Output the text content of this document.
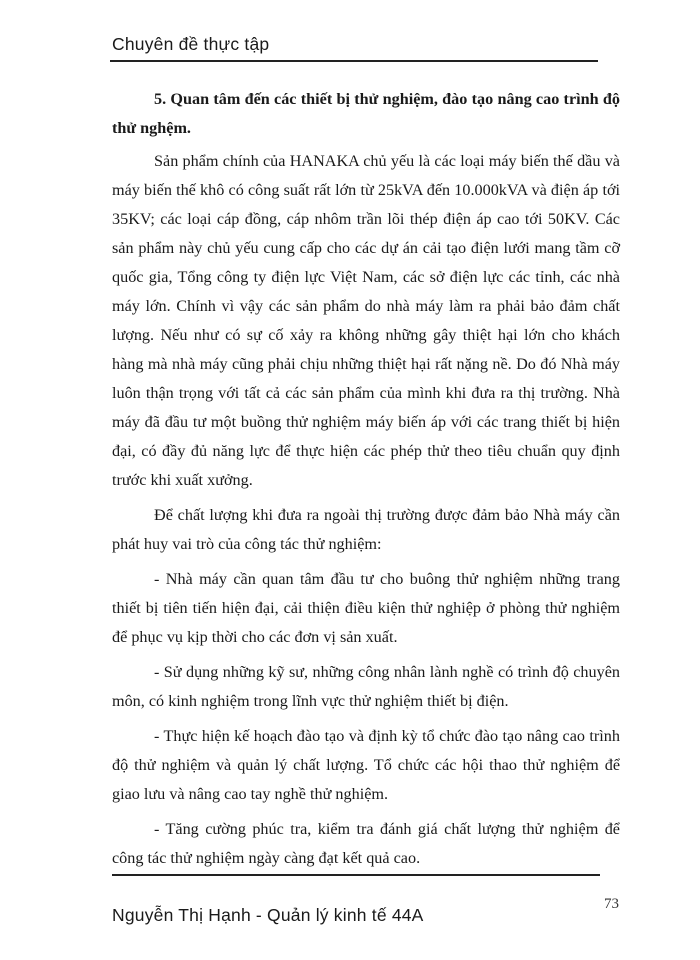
Chuyên đề thực tập

5. Quan tâm đến các thiết bị thử nghiệm, đào tạo nâng cao trình độ thử nghệm.

Sản phẩm chính của HANAKA chủ yếu là các loại máy biến thế dầu và máy biến thế khô có công suất rất lớn từ 25kVA đến 10.000kVA và điện áp tới 35KV; các loại cáp đồng, cáp nhôm trần lõi thép điện áp cao tới 50KV. Các sản phẩm này chủ yếu cung cấp cho các dự án cải tạo điện lưới mang tầm cỡ quốc gia, Tổng công ty điện lực Việt Nam, các sở điện lực các tỉnh, các nhà máy lớn. Chính vì vậy các sản phẩm do nhà máy làm ra phải bảo đảm chất lượng. Nếu như có sự cố xảy ra không những gây thiệt hại lớn cho khách hàng mà nhà máy cũng phải chịu những thiệt hại rất nặng nề. Do đó Nhà máy luôn thận trọng với tất cả các sản phẩm của mình khi đưa ra thị trường. Nhà máy đã đầu tư một buồng thử nghiệm máy biến áp với các trang thiết bị hiện đại, có đầy đủ năng lực để thực hiện các phép thử theo tiêu chuẩn quy định trước khi xuất xưởng.

Để chất lượng khi đưa ra ngoài thị trường được đảm bảo Nhà máy cần phát huy vai trò của công tác thử nghiệm:

- Nhà máy cần quan tâm đầu tư cho buông thử nghiệm những trang thiết bị tiên tiến hiện đại, cải thiện điều kiện thử nghiệp ở phòng thử nghiệm để phục vụ kịp thời cho các đơn vị sản xuất.

- Sử dụng những kỹ sư, những công nhân lành nghề có trình độ chuyên môn, có kinh nghiệm trong lĩnh vực thử nghiệm thiết bị điện.

- Thực hiện kế hoạch đào tạo và định kỳ tổ chức đào tạo nâng cao trình độ thử nghiệm và quản lý chất lượng. Tổ chức các hội thao thử nghiệm để giao lưu và nâng cao tay nghề thử nghiệm.

- Tăng cường phúc tra, kiểm tra đánh giá chất lượng thử nghiệm để công tác thử nghiệm ngày càng đạt kết quả cao.

Nguyễn Thị Hạnh - Quản lý kinh tế 44A
73
